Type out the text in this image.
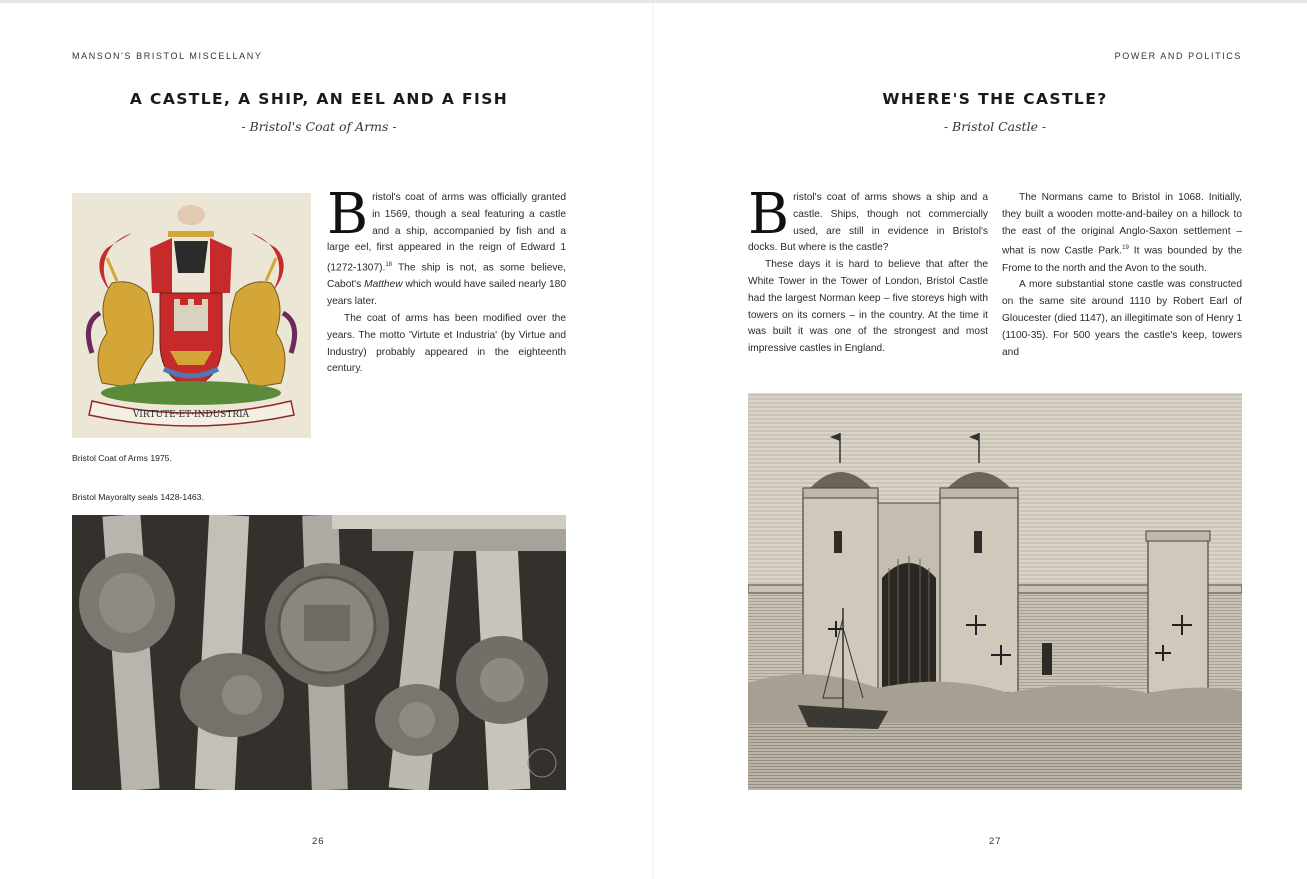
MANSON'S BRISTOL MISCELLANY
A CASTLE, A SHIP, AN EEL AND A FISH
- Bristol's Coat of Arms -
VIRTUTE·ET·INDUSTRIA

Bristol's coat of arms was officially granted in 1569, though a seal featuring a castle and a ship, accompanied by fish and a large eel, first appeared in the reign of Edward 1 (1272-1307).$^{18}$ The ship is not, as some believe, Cabot's Matthew which would have sailed nearly 180 years later.

The coat of arms has been modified over the years. The motto 'Virtute et Industria' (by Virtue and Industry) probably appeared in the eighteenth century.

Bristol Coat of Arms 1975.
Bristol Mayoralty seals 1428-1463.
26
POWER AND POLITICS
WHERE'S THE CASTLE?
- Bristol Castle -

Bristol's coat of arms shows a ship and a castle. Ships, though not commercially used, are still in evidence in Bristol's docks. But where is the castle?

These days it is hard to believe that after the White Tower in the Tower of London, Bristol Castle had the largest Norman keep – five storeys high with towers on its corners – in the country. At the time it was built it was one of the strongest and most impressive castles in England.

The Normans came to Bristol in 1068. Initially, they built a wooden motte-and-bailey on a hillock to the east of the original Anglo-Saxon settlement – what is now Castle Park.$^{19}$ It was bounded by the Frome to the north and the Avon to the south.

A more substantial stone castle was constructed on the same site around 1110 by Robert Earl of Gloucester (died 1147), an illegitimate son of Henry 1 (1100-35). For 500 years the castle's keep, towers and

27
